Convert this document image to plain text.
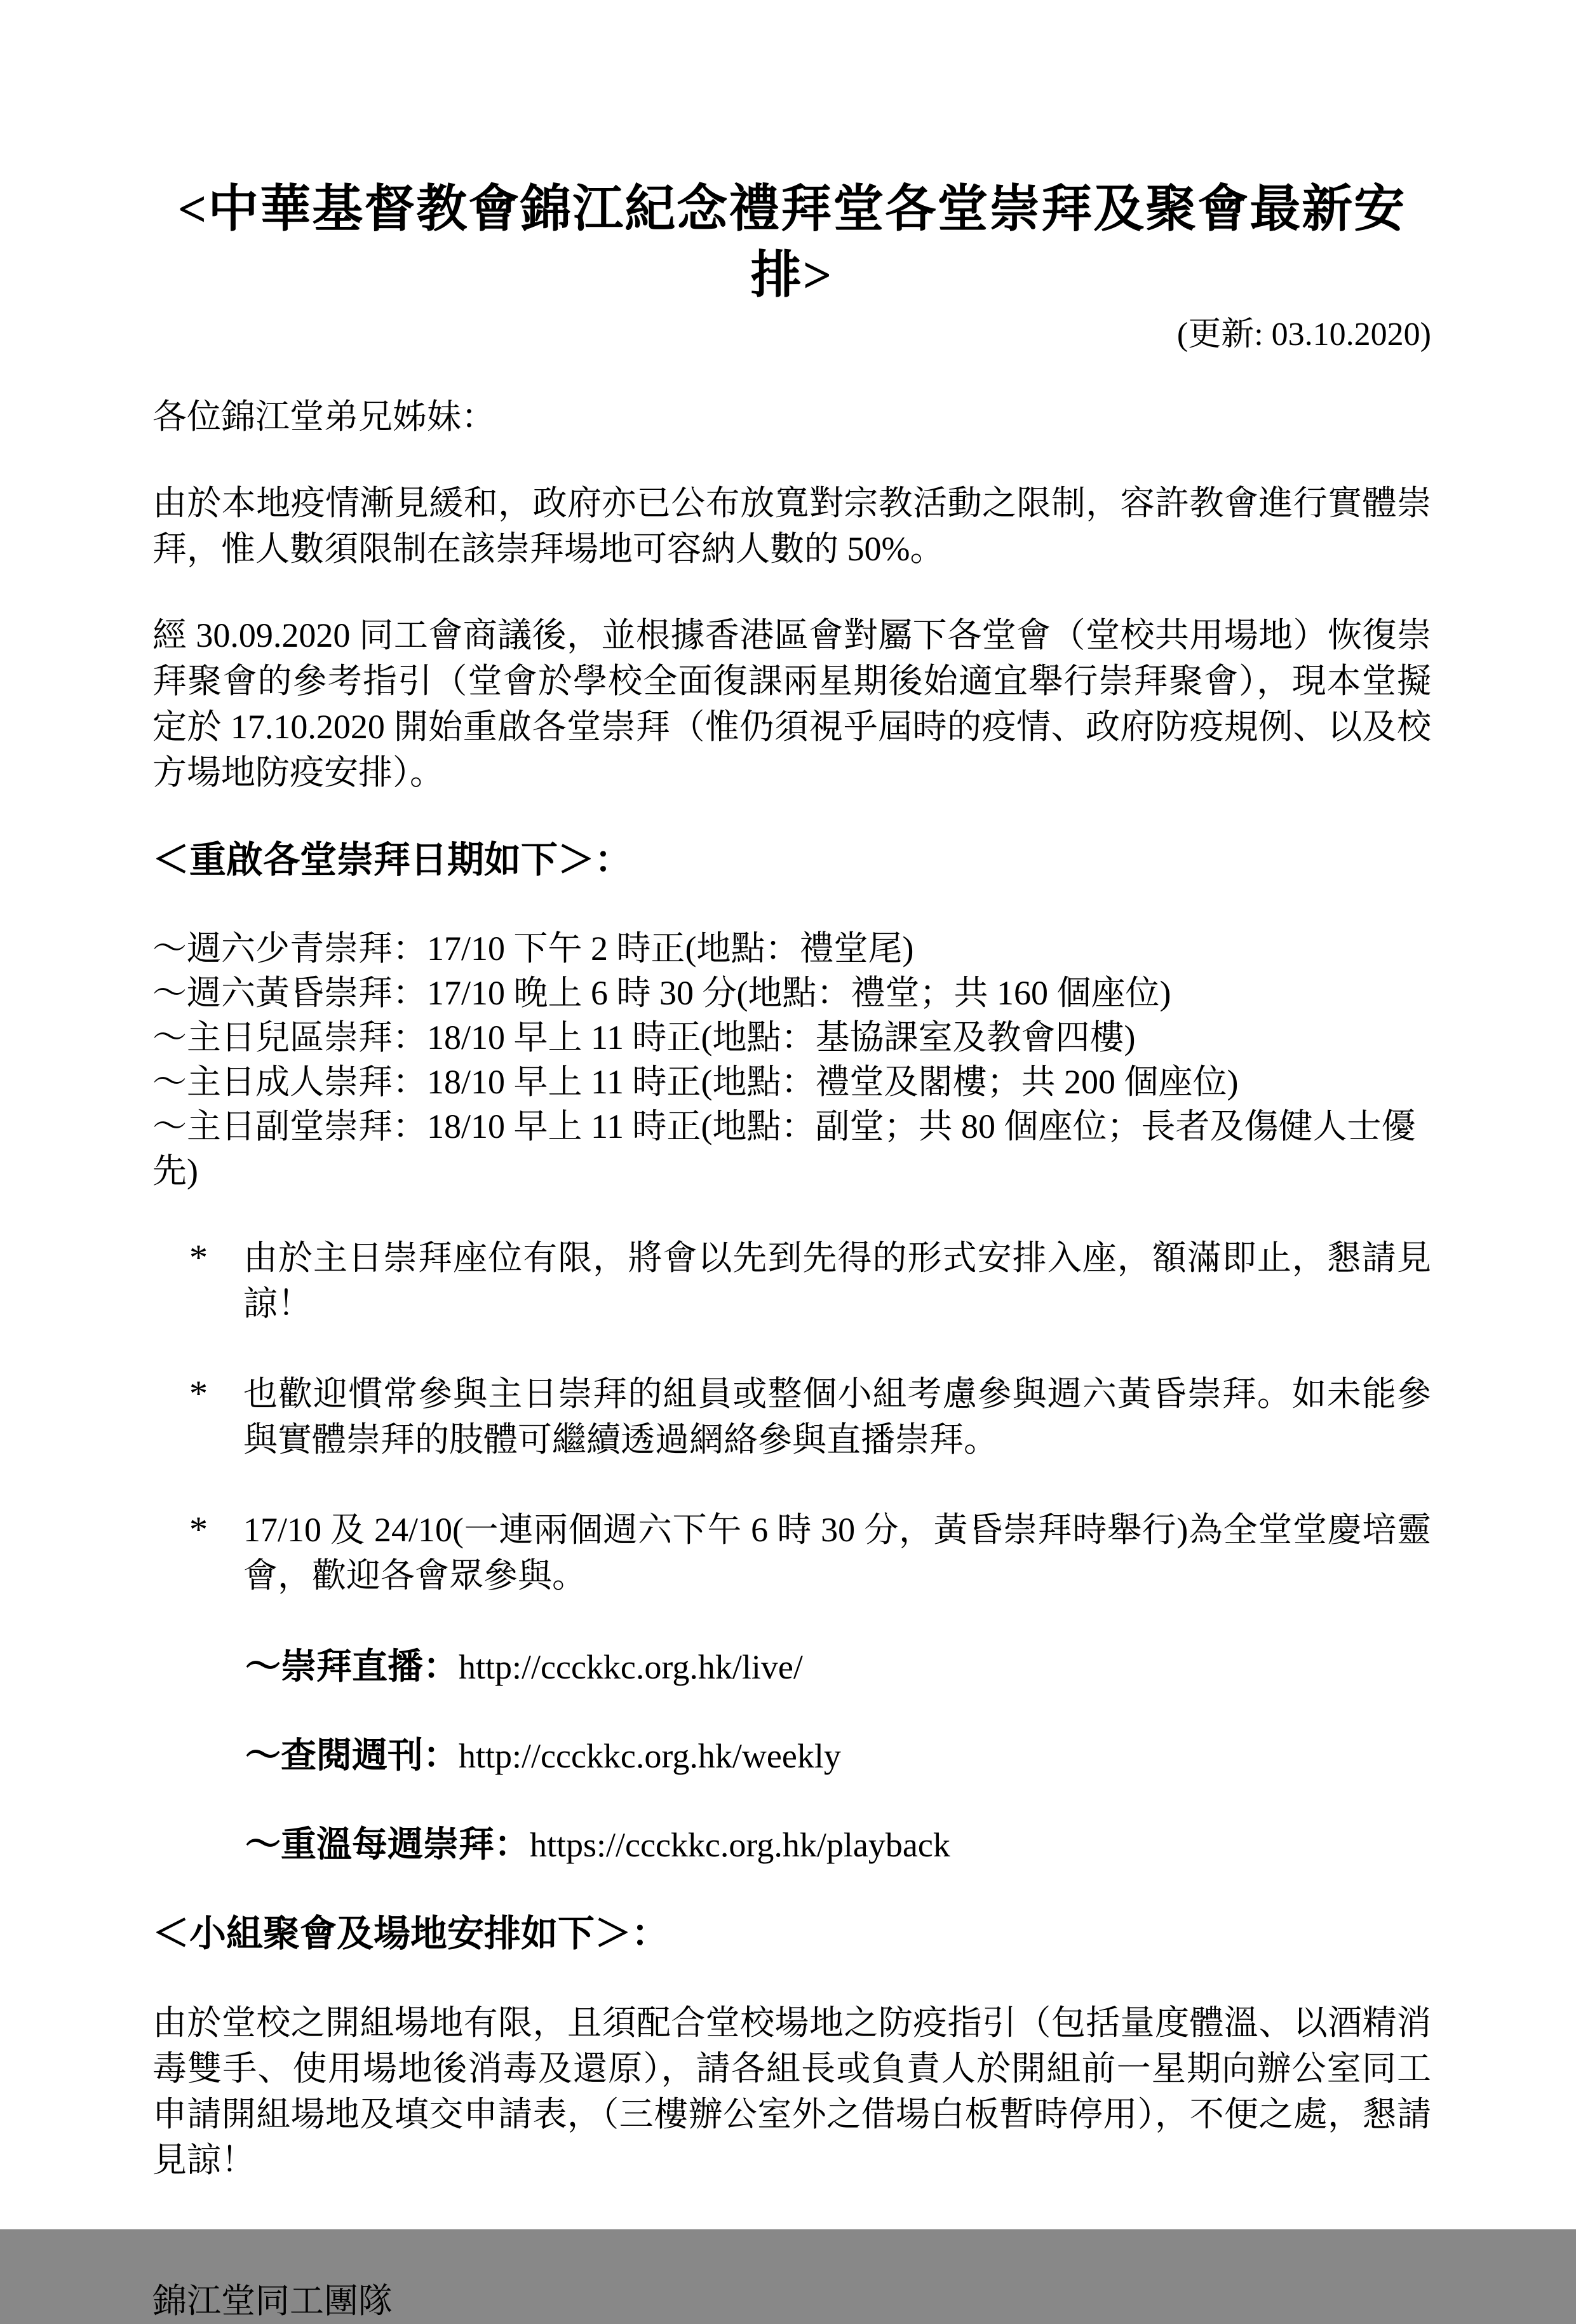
<中華基督教會錦江紀念禮拜堂各堂崇拜及聚會最新安排>
(更新: 03.10.2020)
各位錦江堂弟兄姊妹：
由於本地疫情漸見緩和，政府亦已公布放寬對宗教活動之限制，容許教會進行實體崇拜，惟人數須限制在該崇拜場地可容納人數的 50%。
經 30.09.2020 同工會商議後，並根據香港區會對屬下各堂會（堂校共用場地）恢復崇拜聚會的參考指引（堂會於學校全面復課兩星期後始適宜舉行崇拜聚會），現本堂擬定於 17.10.2020 開始重啟各堂崇拜（惟仍須視乎屆時的疫情、政府防疫規例、以及校方場地防疫安排）。
＜重啟各堂崇拜日期如下＞：
～週六少青崇拜：17/10 下午 2 時正(地點：禮堂尾)
～週六黃昏崇拜：17/10 晚上 6 時 30 分(地點：禮堂；共 160 個座位)
～主日兒區崇拜：18/10 早上 11 時正(地點：基協課室及教會四樓)
～主日成人崇拜：18/10 早上 11 時正(地點：禮堂及閣樓；共 200 個座位)
～主日副堂崇拜：18/10 早上 11 時正(地點：副堂；共 80 個座位；長者及傷健人士優先)
*	由於主日崇拜座位有限，將會以先到先得的形式安排入座，額滿即止，懇請見諒！
*	也歡迎慣常參與主日崇拜的組員或整個小組考慮參與週六黃昏崇拜。如未能參與實體崇拜的肢體可繼續透過網絡參與直播崇拜。
*	17/10 及 24/10(一連兩個週六下午 6 時 30 分，黃昏崇拜時舉行)為全堂堂慶培靈會，歡迎各會眾參與。
～崇拜直播：http://ccckkc.org.hk/live/
～查閱週刊：http://ccckkc.org.hk/weekly
～重溫每週崇拜：https://ccckkc.org.hk/playback
＜小組聚會及場地安排如下＞：
由於堂校之開組場地有限，且須配合堂校場地之防疫指引（包括量度體溫、以酒精消毒雙手、使用場地後消毒及還原），請各組長或負責人於開組前一星期向辦公室同工申請開組場地及填交申請表，（三樓辦公室外之借場白板暫時停用），不便之處，懇請見諒！
錦江堂同工團隊
